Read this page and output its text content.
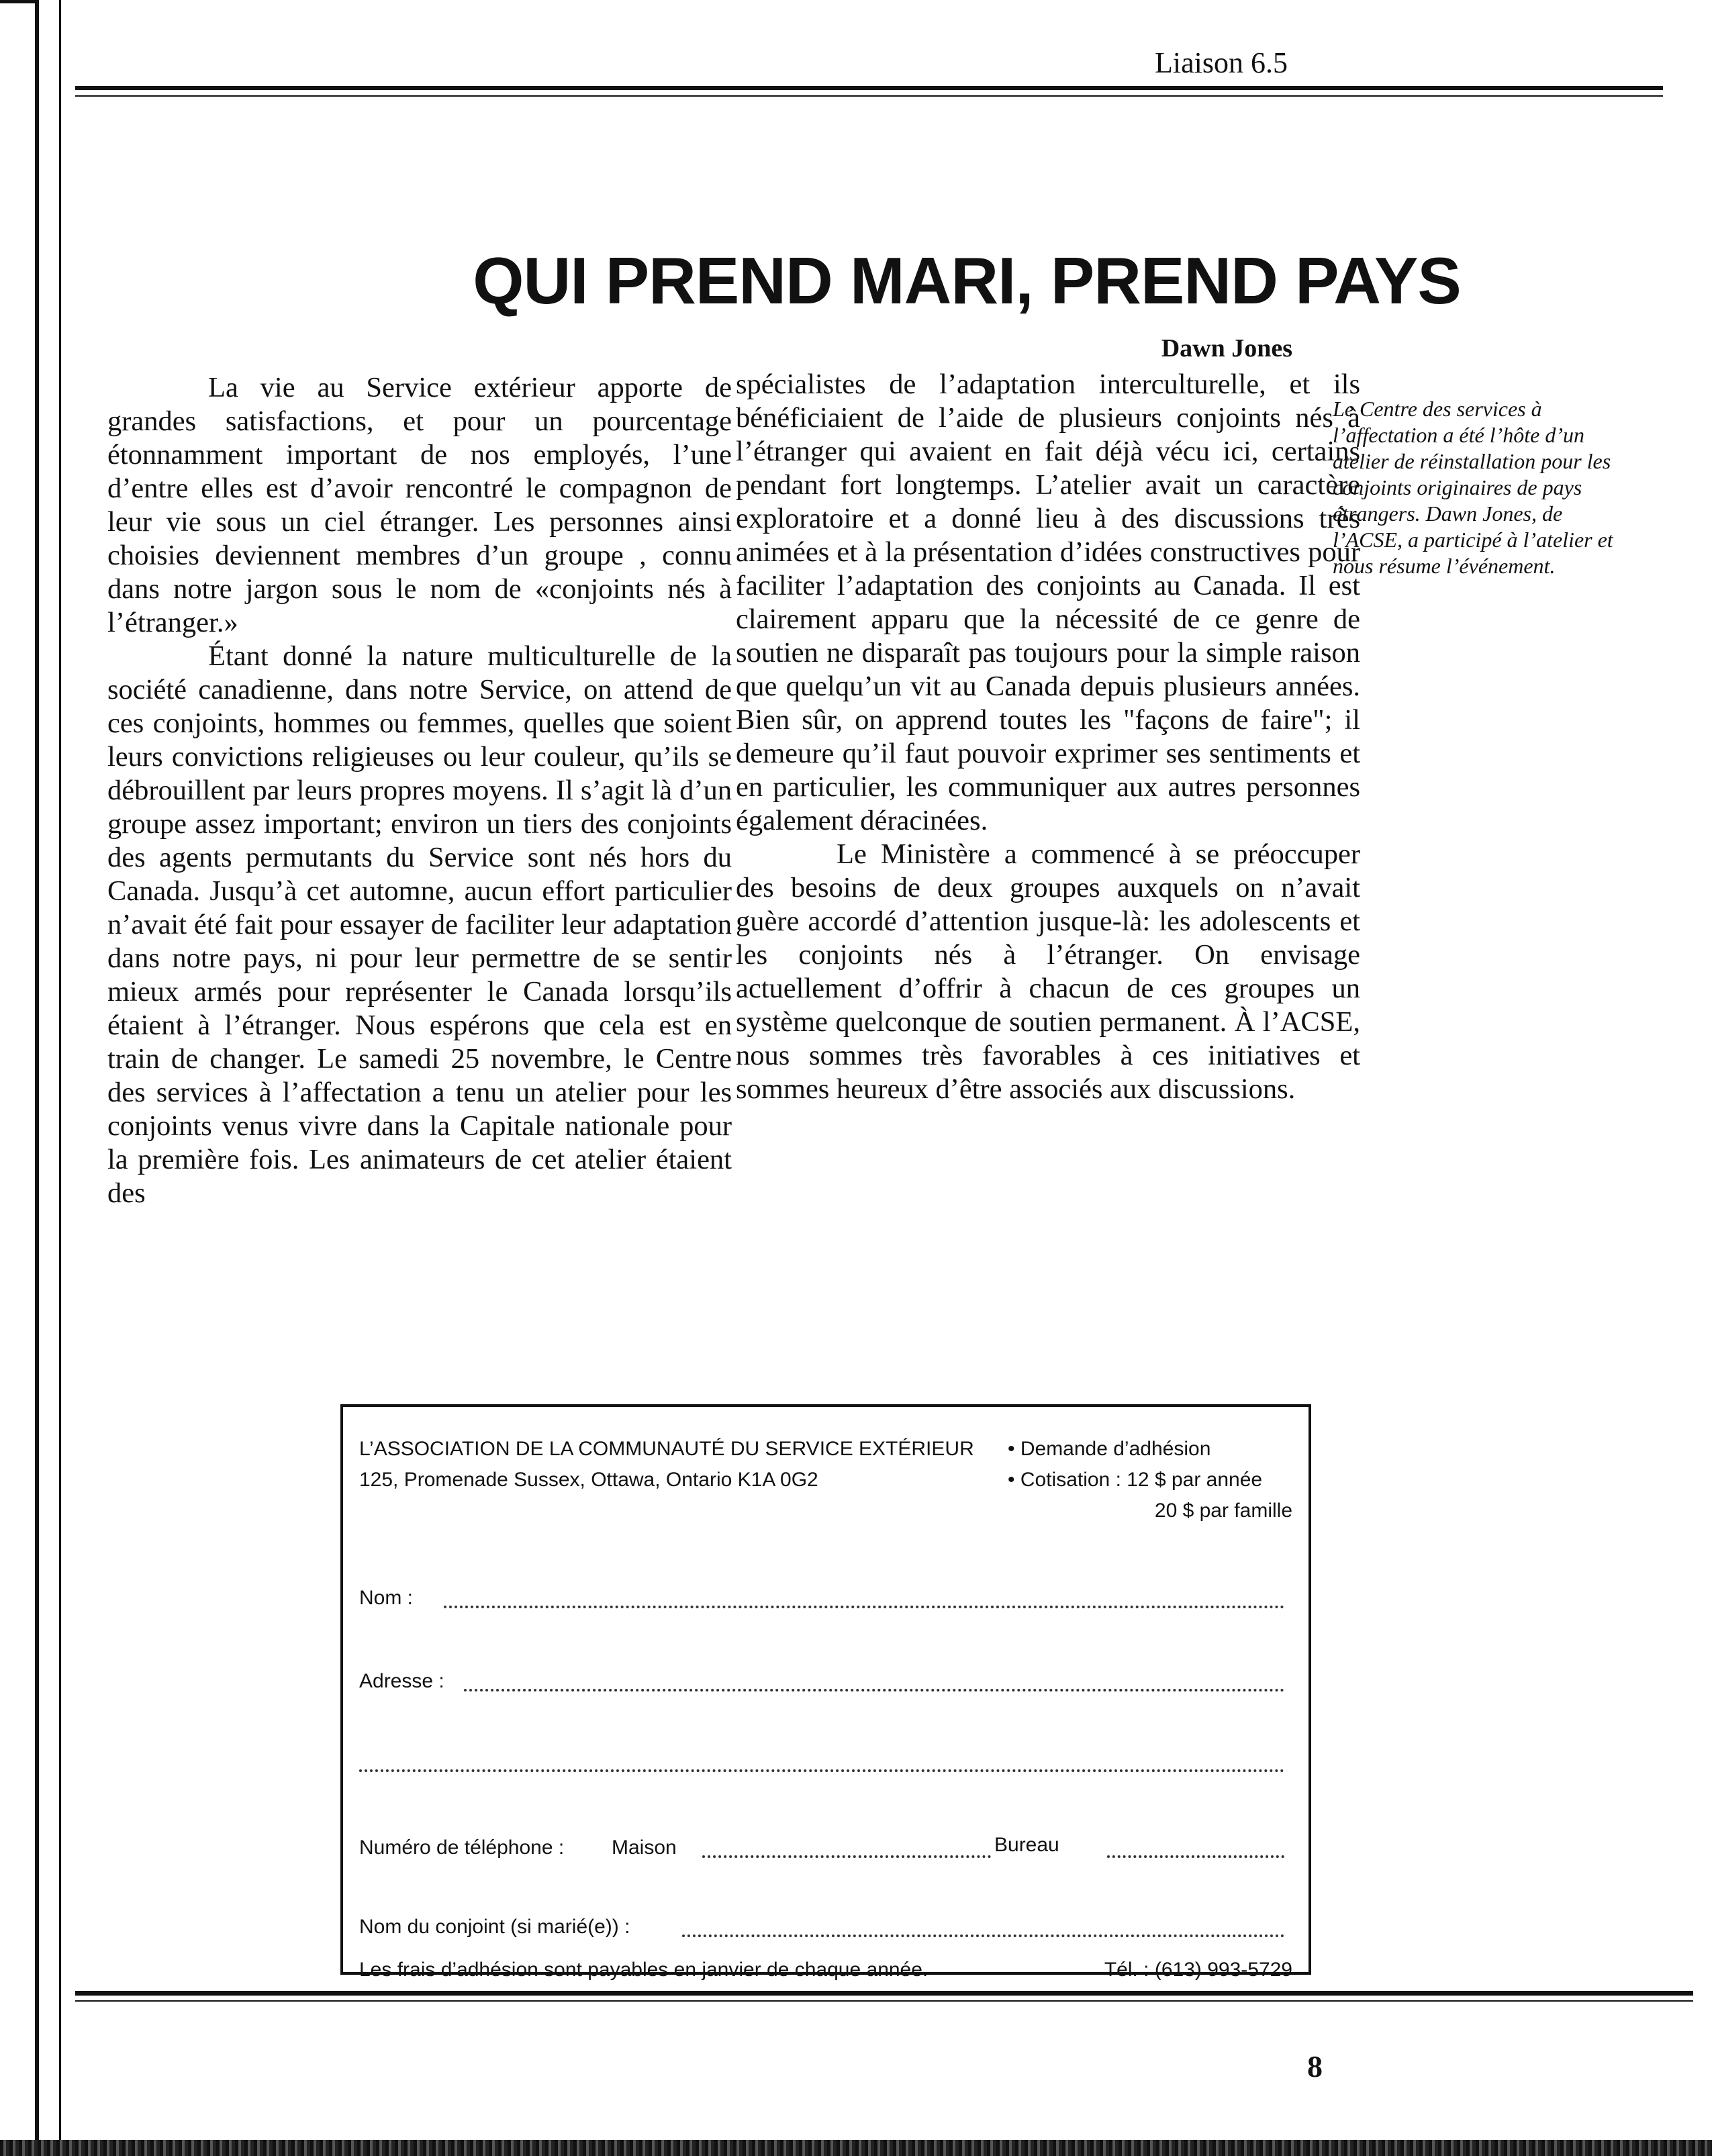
Liaison 6.5
QUI PREND MARI, PREND PAYS
Dawn Jones

La vie au Service extérieur apporte de grandes satisfactions, et pour un pourcentage étonnamment important de nos employés, l’une d’entre elles est d’avoir rencontré le compagnon de leur vie sous un ciel étranger. Les personnes ainsi choisies deviennent membres d’un groupe , connu dans notre jargon sous le nom de «conjoints nés à l’étranger.»

Étant donné la nature multiculturelle de la société canadienne, dans notre Service, on attend de ces conjoints, hommes ou femmes, quelles que soient leurs convictions religieuses ou leur couleur, qu’ils se débrouillent par leurs propres moyens. Il s’agit là d’un groupe assez important; environ un tiers des conjoints des agents permutants du Service sont nés hors du Canada. Jusqu’à cet automne, aucun effort particulier n’avait été fait pour essayer de faciliter leur adaptation dans notre pays, ni pour leur permettre de se sentir mieux armés pour représenter le Canada lorsqu’ils étaient à l’étranger. Nous espérons que cela est en train de changer. Le samedi 25 novembre, le Centre des services à l’affectation a tenu un atelier pour les conjoints venus vivre dans la Capitale nationale pour la première fois. Les animateurs de cet atelier étaient des

spécialistes de l’adaptation interculturelle, et ils bénéficiaient de l’aide de plusieurs conjoints nés à l’étranger qui avaient en fait déjà vécu ici, certains pendant fort longtemps. L’atelier avait un caractère exploratoire et a donné lieu à des discussions très animées et à la présentation d’idées constructives pour faciliter l’adaptation des conjoints au Canada. Il est clairement apparu que la nécessité de ce genre de soutien ne disparaît pas toujours pour la simple raison que quelqu’un vit au Canada depuis plusieurs années. Bien sûr, on apprend toutes les "façons de faire"; il demeure qu’il faut pouvoir exprimer ses sentiments et en particulier, les communiquer aux autres personnes également déracinées.

Le Ministère a commencé à se préoccuper des besoins de deux groupes auxquels on n’avait guère accordé d’attention jusque-là: les adolescents et les conjoints nés à l’étranger. On envisage actuellement d’offrir à chacun de ces groupes un système quelconque de soutien permanent. À l’ACSE, nous sommes très favorables à ces initiatives et sommes heureux d’être associés aux discussions.

Le Centre des services à l’affectation a été l’hôte d’un atelier de réinstallation pour les conjoints originaires de pays étrangers. Dawn Jones, de l’ACSE, a participé à l’atelier et nous résume l’événement.
L’ASSOCIATION DE LA COMMUNAUTÉ DU SERVICE EXTÉRIEUR
125, Promenade Sussex, Ottawa, Ontario K1A 0G2
• Demande d’adhésion
• Cotisation : 12 $ par année
20 $ par famille
Nom :
Adresse :
Numéro de téléphone : Maison	Bureau
Nom du conjoint (si marié(e)) :
Les frais d’adhésion sont payables en janvier de chaque année.	Tél. : (613) 993-5729
8
